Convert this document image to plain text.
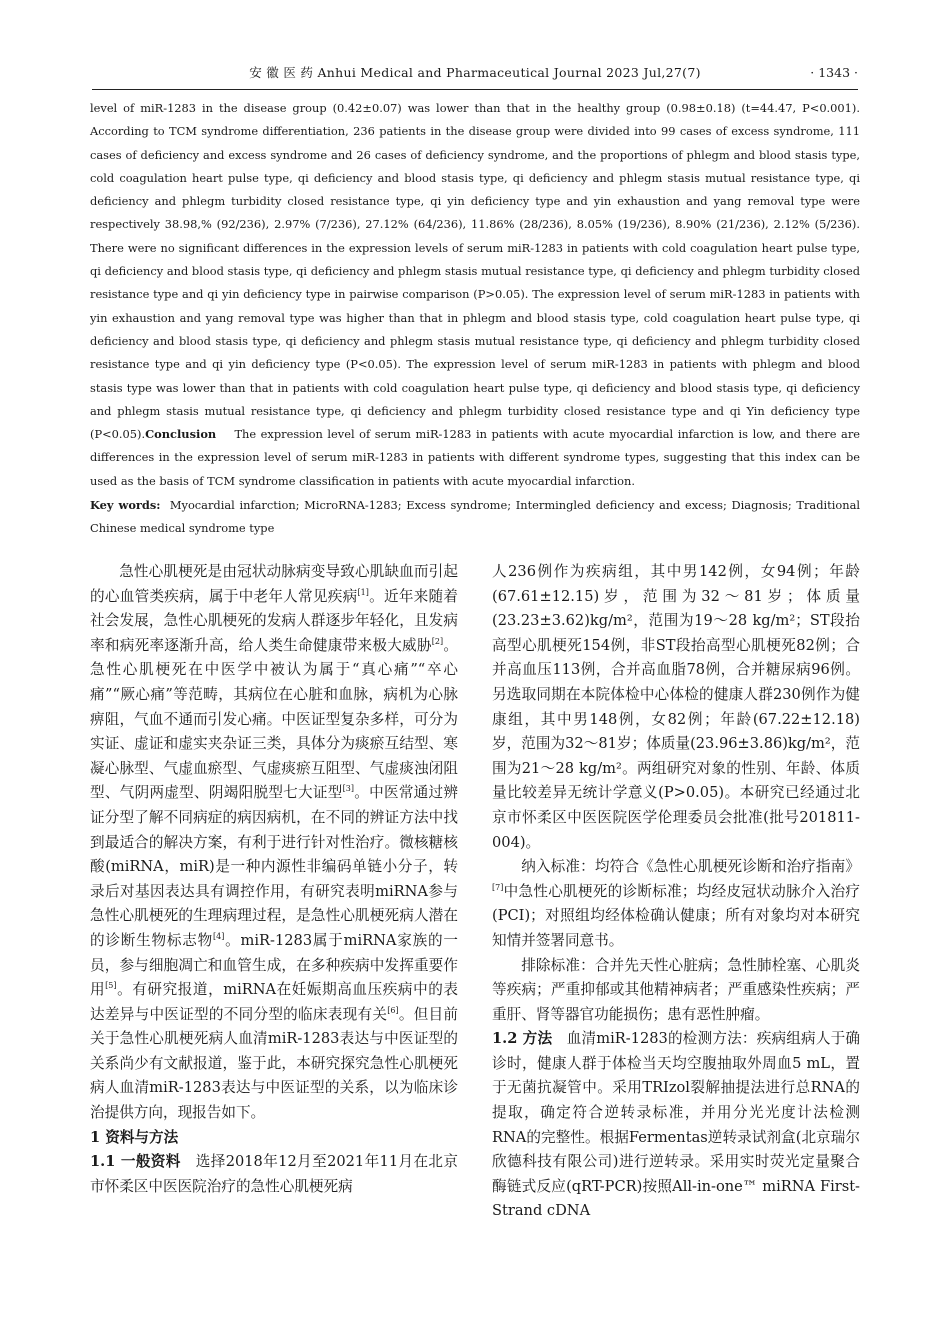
安 徽 医 药 Anhui Medical and Pharmaceutical Journal 2023 Jul,27(7)	· 1343 ·

level of miR-1283 in the disease group (0.42±0.07) was lower than that in the healthy group (0.98±0.18) (t=44.47, P<0.001). According to TCM syndrome differentiation, 236 patients in the disease group were divided into 99 cases of excess syndrome, 111 cases of deficiency and excess syndrome and 26 cases of deficiency syndrome, and the proportions of phlegm and blood stasis type, cold coagulation heart pulse type, qi deficiency and blood stasis type, qi deficiency and phlegm stasis mutual resistance type, qi deficiency and phlegm turbidity closed resistance type, qi yin deficiency type and yin exhaustion and yang removal type were respectively 38.98,% (92/236), 2.97% (7/236), 27.12% (64/236), 11.86% (28/236), 8.05% (19/236), 8.90% (21/236), 2.12% (5/236). There were no significant differences in the expression levels of serum miR-1283 in patients with cold coagulation heart pulse type, qi deficiency and blood stasis type, qi deficiency and phlegm stasis mutual resistance type, qi deficiency and phlegm turbidity closed resistance type and qi yin deficiency type in pairwise comparison (P>0.05). The expression level of serum miR-1283 in patients with yin exhaustion and yang removal type was higher than that in phlegm and blood stasis type, cold coagulation heart pulse type, qi deficiency and blood stasis type, qi deficiency and phlegm stasis mutual resistance type, qi deficiency and phlegm turbidity closed resistance type and qi yin deficiency type (P<0.05). The expression level of serum miR-1283 in patients with phlegm and blood stasis type was lower than that in patients with cold coagulation heart pulse type, qi deficiency and blood stasis type, qi deficiency and phlegm stasis mutual resistance type, qi deficiency and phlegm turbidity closed resistance type and qi Yin deficiency type (P<0.05).Conclusion The expression level of serum miR-1283 in patients with acute myocardial infarction is low, and there are differences in the expression level of serum miR-1283 in patients with different syndrome types, suggesting that this index can be used as the basis of TCM syndrome classification in patients with acute myocardial infarction.

Key words: Myocardial infarction; MicroRNA-1283; Excess syndrome; Intermingled deficiency and excess; Diagnosis; Traditional Chinese medical syndrome type

急性心肌梗死是由冠状动脉病变导致心肌缺血而引起的心血管类疾病，属于中老年人常见疾病[1]。近年来随着社会发展，急性心肌梗死的发病人群逐步年轻化，且发病率和病死率逐渐升高，给人类生命健康带来极大威胁[2]。急性心肌梗死在中医学中被认为属于“真心痛”“卒心痛”“厥心痛”等范畴，其病位在心脏和血脉，病机为心脉痹阻，气血不通而引发心痛。中医证型复杂多样，可分为实证、虚证和虚实夹杂证三类，具体分为痰瘀互结型、寒凝心脉型、气虚血瘀型、气虚痰瘀互阻型、气虚痰浊闭阻型、气阴两虚型、阴竭阳脱型七大证型[3]。中医常通过辨证分型了解不同病症的病因病机，在不同的辨证方法中找到最适合的解决方案，有利于进行针对性治疗。微核糖核酸(miRNA，miR)是一种内源性非编码单链小分子，转录后对基因表达具有调控作用，有研究表明miRNA参与急性心肌梗死的生理病理过程，是急性心肌梗死病人潜在的诊断生物标志物[4]。miR-1283属于miRNA家族的一员，参与细胞凋亡和血管生成，在多种疾病中发挥重要作用[5]。有研究报道，miRNA在妊娠期高血压疾病中的表达差异与中医证型的不同分型的临床表现有关[6]。但目前关于急性心肌梗死病人血清miR-1283表达与中医证型的关系尚少有文献报道，鉴于此，本研究探究急性心肌梗死病人血清miR-1283表达与中医证型的关系，以为临床诊治提供方向，现报告如下。

1 资料与方法

1.1 一般资料 选择2018年12月至2021年11月在北京市怀柔区中医医院治疗的急性心肌梗死病

人236例作为疾病组，其中男142例，女94例；年龄(67.61±12.15)岁，范围为32～81岁；体质量(23.23±3.62)kg/m²，范围为19～28 kg/m²；ST段抬高型心肌梗死154例，非ST段抬高型心肌梗死82例；合并高血压113例，合并高血脂78例，合并糖尿病96例。另选取同期在本院体检中心体检的健康人群230例作为健康组，其中男148例，女82例；年龄(67.22±12.18)岁，范围为32～81岁；体质量(23.96±3.86)kg/m²，范围为21～28 kg/m²。两组研究对象的性别、年龄、体质量比较差异无统计学意义(P>0.05)。本研究已经通过北京市怀柔区中医医院医学伦理委员会批准(批号201811-004)。

纳入标准：均符合《急性心肌梗死诊断和治疗指南》[7]中急性心肌梗死的诊断标准；均经皮冠状动脉介入治疗(PCI)；对照组均经体检确认健康；所有对象均对本研究知情并签署同意书。

排除标准：合并先天性心脏病；急性肺栓塞、心肌炎等疾病；严重抑郁或其他精神病者；严重感染性疾病；严重肝、肾等器官功能损伤；患有恶性肿瘤。

1.2 方法 血清miR-1283的检测方法：疾病组病人于确诊时，健康人群于体检当天均空腹抽取外周血5 mL，置于无菌抗凝管中。采用TRIzol裂解抽提法进行总RNA的提取，确定符合逆转录标准，并用分光光度计法检测RNA的完整性。根据Fermentas逆转录试剂盒(北京瑞尔欣德科技有限公司)进行逆转录。采用实时荧光定量聚合酶链式反应(qRT-PCR)按照All-in-one™ miRNA First-Strand cDNA
